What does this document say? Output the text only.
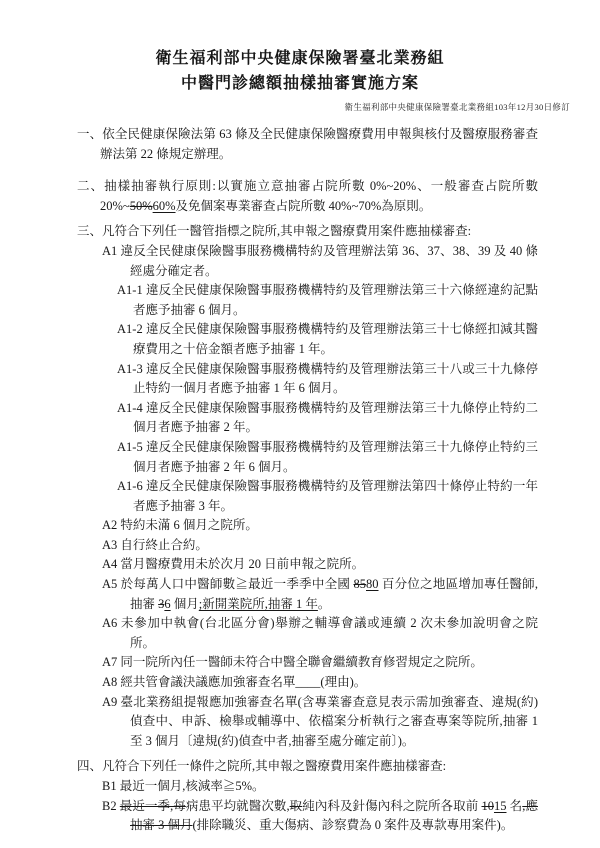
衛生福利部中央健康保險署臺北業務組
中醫門診總額抽樣抽審實施方案
衛生福利部中央健康保險署臺北業務組103年12月30日修訂

一、依全民健康保險法第 63 條及全民健康保險醫療費用申報與核付及醫療服務審查辦法第 22 條規定辦理。

二、抽樣抽審執行原則:以實施立意抽審占院所數 0%~20%、一般審查占院所數 20%~50%60%及免個案專業審查占院所數 40%~70%為原則。

三、凡符合下列任一醫管指標之院所,其申報之醫療費用案件應抽樣審查:

A1 違反全民健康保險醫事服務機構特約及管理辦法第 36、37、38、39 及 40 條經處分確定者。

A1-1 違反全民健康保險醫事服務機構特約及管理辦法第三十六條經違約記點者應予抽審 6 個月。

A1-2 違反全民健康保險醫事服務機構特約及管理辦法第三十七條經扣減其醫療費用之十倍金額者應予抽審 1 年。

A1-3 違反全民健康保險醫事服務機構特約及管理辦法第三十八或三十九條停止特約一個月者應予抽審 1 年 6 個月。

A1-4 違反全民健康保險醫事服務機構特約及管理辦法第三十九條停止特約二個月者應予抽審 2 年。

A1-5 違反全民健康保險醫事服務機構特約及管理辦法第三十九條停止特約三個月者應予抽審 2 年 6 個月。

A1-6 違反全民健康保險醫事服務機構特約及管理辦法第四十條停止特約一年者應予抽審 3 年。

A2 特約未滿 6 個月之院所。

A3 自行終止合約。

A4 當月醫療費用未於次月 20 日前申報之院所。

A5 於每萬人口中醫師數≧最近一季季中全國 8580 百分位之地區增加專任醫師,抽審 36 個月;新開業院所,抽審 1 年。

A6 未參加中執會(台北區分會)舉辦之輔導會議或連續 2 次未參加說明會之院所。

A7 同一院所內任一醫師未符合中醫全聯會繼續教育修習規定之院所。

A8 經共管會議決議應加強審查名單____(理由)。

A9 臺北業務組提報應加強審查名單(含專業審查意見表示需加強審查、違規(約)偵查中、申訴、檢舉或輔導中、依檔案分析執行之審查專案等院所,抽審 1 至 3 個月〔違規(約)偵查中者,抽審至處分確定前〕)。

四、凡符合下列任一條件之院所,其申報之醫療費用案件應抽樣審查:

B1 最近一個月,核減率≧5%。

B2 最近一季,每病患平均就醫次數,取純內科及針傷內科之院所各取前 1015 名,應抽審 3 個月(排除職災、重大傷病、診察費為 0 案件及專款專用案件)。
